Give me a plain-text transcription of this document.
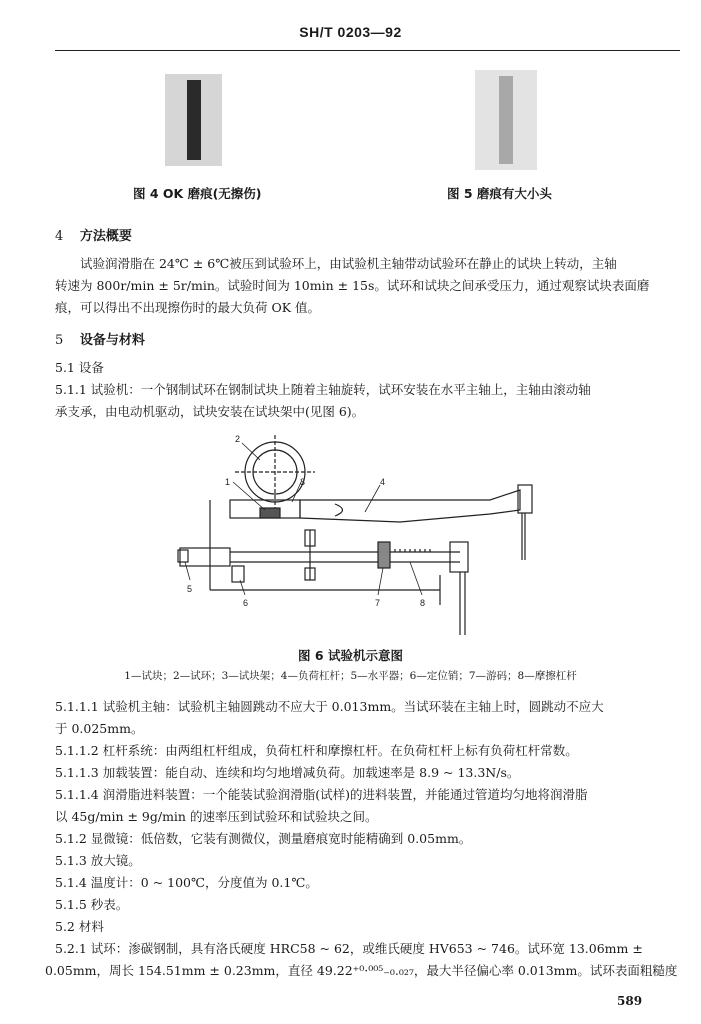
SH/T 0203—92
图 4 OK 磨痕(无擦伤)	图 5 磨痕有大小头
4 方法概要
试验润滑脂在 24℃ ± 6℃被压到试验环上，由试验机主轴带动试验环在静止的试块上转动，主轴
转速为 800r/min ± 5r/min。试验时间为 10min ± 15s。试环和试块之间承受压力，通过观察试块表面磨
痕，可以得出不出现擦伤时的最大负荷 OK 值。
5 设备与材料
5.1 设备
5.1.1 试验机：一个钢制试环在钢制试块上随着主轴旋转，试环安装在水平主轴上，主轴由滚动轴
承支承，由电动机驱动，试块安装在试块架中(见图 6)。
1
2
3	4
5
6	7	8
图 6 试验机示意图
1—试块；2—试环；3—试块架；4—负荷杠杆；5—水平器；6—定位销；7—游码；8—摩擦杠杆
5.1.1.1 试验机主轴：试验机主轴圆跳动不应大于 0.013mm。当试环装在主轴上时，圆跳动不应大
于 0.025mm。
5.1.1.2 杠杆系统：由两组杠杆组成，负荷杠杆和摩擦杠杆。在负荷杠杆上标有负荷杠杆常数。
5.1.1.3 加载装置：能自动、连续和均匀地增减负荷。加载速率是 8.9 ~ 13.3N/s。
5.1.1.4 润滑脂进料装置：一个能装试验润滑脂(试样)的进料装置，并能通过管道均匀地将润滑脂
以 45g/min ± 9g/min 的速率压到试验环和试验块之间。
5.1.2 显微镜：低倍数，它装有测微仪，测量磨痕宽时能精确到 0.05mm。
5.1.3 放大镜。
5.1.4 温度计：0 ~ 100℃，分度值为 0.1℃。
5.1.5 秒表。
5.2 材料
5.2.1 试环：渗碳钢制，具有洛氏硬度 HRC58 ~ 62，或维氏硬度 HV653 ~ 746。试环宽 13.06mm ±
0.05mm，周长 154.51mm ± 0.23mm，直径 49.22⁺⁰·⁰⁰⁵₋₀.₀₂₇，最大半径偏心率 0.013mm。试环表面粗糙度
589
